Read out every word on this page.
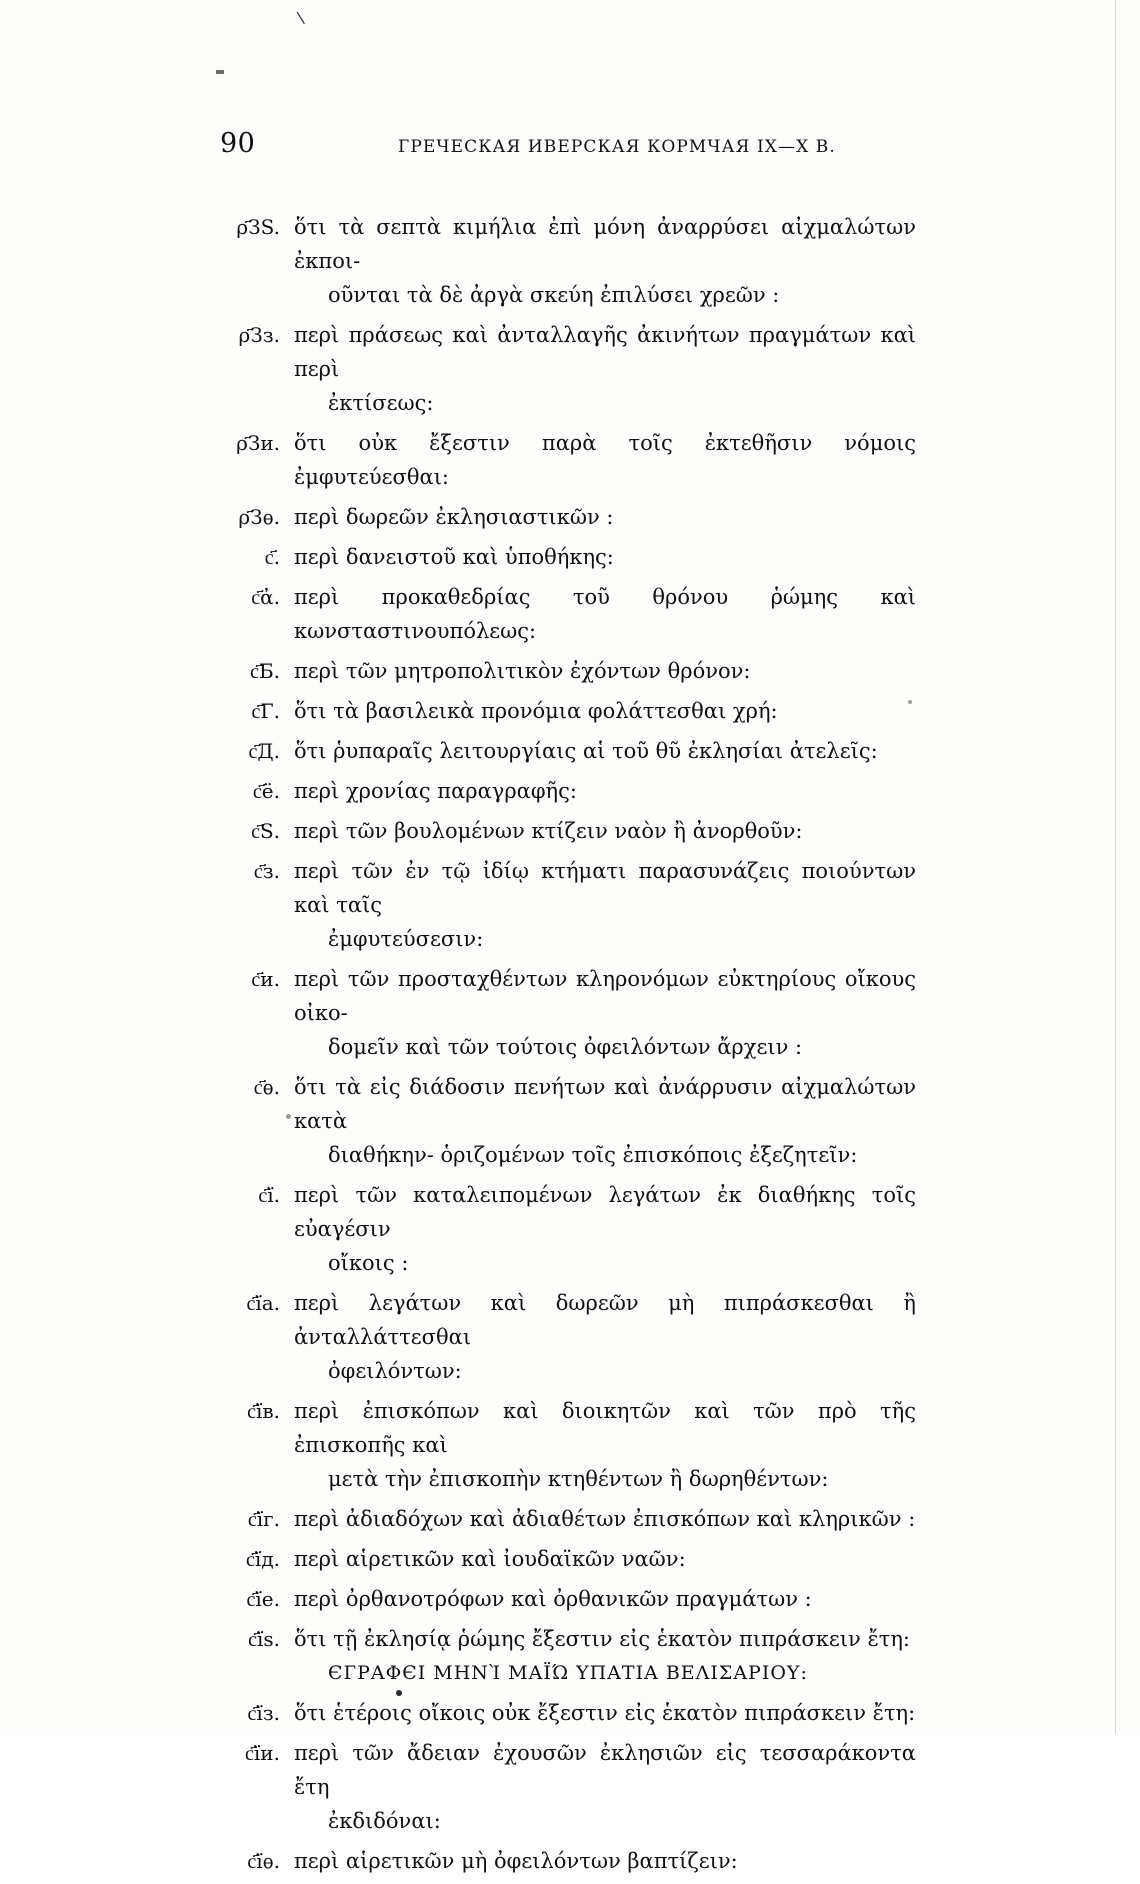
\
90	ГРЕЧЕСКАЯ ИВЕРСКАЯ КОРМЧАЯ IX—X В.
ρ҃ЗS. ὅτι τὰ σεπτὰ κιμήλια ἐπὶ μόνη ἀναρρύσει αἰχμαλώτων ἐκποι-
οῦνται τὰ δὲ ἀργὰ σκεύη ἐπιλύσει χρεῶν :
ρ҃Зз. περὶ πράσεως καὶ ἀνταλλαγῆς ἀκινήτων πραγμάτων καὶ περὶ
ἐκτίσεως:
ρ҃Зи. ὅτι οὐκ ἔξεστιν παρὰ τοῖς ἐκτεθῆσιν νόμοις ἐμφυτεύεσθαι:
ρ҃Зѳ. περὶ δωρεῶν ἐκλησιαστικῶν :
с҃. περὶ δανειστοῦ καὶ ὑποθήκης:
с҃ἀ. περὶ προκαθεδρίας τοῦ θρόνου ῥώμης καὶ κωνστασтινουπόλεως:
с҃Б. περὶ τῶν μητροπολιτικὸν ἐχόντων θρόνον:
с҃Г. ὅτι τὰ βασιλεικὰ προνόμια φολάττεσθαι χρή:
с҃Д. ὅτι ῥυπαραῖς λειτουργίαις αἱ τοῦ θῦ ἐκλησίαι ἀτελεῖς:
с҃ё. περὶ χρονίας παραγραφῆς:
с҃Ѕ. περὶ τῶν βουλομένων κτίζειν ναὸν ἢ ἀνορθοῦν:
с҃з. περὶ τῶν ἐν τῷ ἰδίῳ κτήματι παρασυνάζεις ποιούντων καὶ ταῖς
ἐμφυτεύσεσιν:
с҃и. περὶ τῶν προσταχθέντων κληρονόμων εὐκτηρίους οἴκους οἰκο-
δομεῖν καὶ τῶν τούτοις ὀφειλόντων ἄρχειν :
с҃ѳ. ὅτι τὰ εἰς διάδοσιν πενήτων καὶ ἀνάρρυσιν αἰχμαλώτων κατὰ
διαθήκην- ὁριζομένων τοῖς ἐπισκόποις ἐξεζητεῖν:
с҃ї. περὶ τῶν καταλειπομένων λεγάτων ἐκ διαθήκης τοῖς εὐαγέσιν
οἴκοις :
с҃їа. περὶ λεγάτων καὶ δωρεῶν μὴ πιπράσκεσθαι ἢ ἀνταλλάττεσθαι
ὀφειλόντων:
с҃їв. περὶ ἐπισκόπων καὶ διοικητῶν καὶ τῶν πρὸ τῆς ἐπισκοπῆς καὶ
μετὰ τὴν ἐπισκοπὴν κτηθέντων ἢ δωρηθέντων:
с҃їг. περὶ ἀδιαδόχων καὶ ἀδιαθέτων ἐπισκόπων καὶ κληρικῶν :
с҃їд. περὶ αἱρετικῶν καὶ ἰουδαϊκῶν ναῶν:
с҃їе. περὶ ὀρθανοτρόφων καὶ ὀρθανικῶν πραγμάτων :
с҃їs. ὅτι τῇ ἐκλησίᾳ ῥώμης ἔξεστιν εἰς ἑκατὸν πιπράσκειν ἔτη:
ЄГΡΑΦЄΙ ΜΗΝῚ ΜΑΪΏ ΥΠΑΤΙΑ ΒΕΛΙΣΑΡΙΟΥ:
с҃їз. ὅτι ἑτέροις οἴκοις οὐκ ἔξεστιν εἰς ἑκατὸν πιπράσκειν ἔτη:
с҃їи. περὶ τῶν ἄδειαν ἐχουσῶν ἐκλησιῶν εἰς τεσσαράκοντα ἔτη
ἐκδιδόναι:
с҃їѳ. περὶ αἱρετικῶν μὴ ὀφειλόντων βαπτίζειν:
